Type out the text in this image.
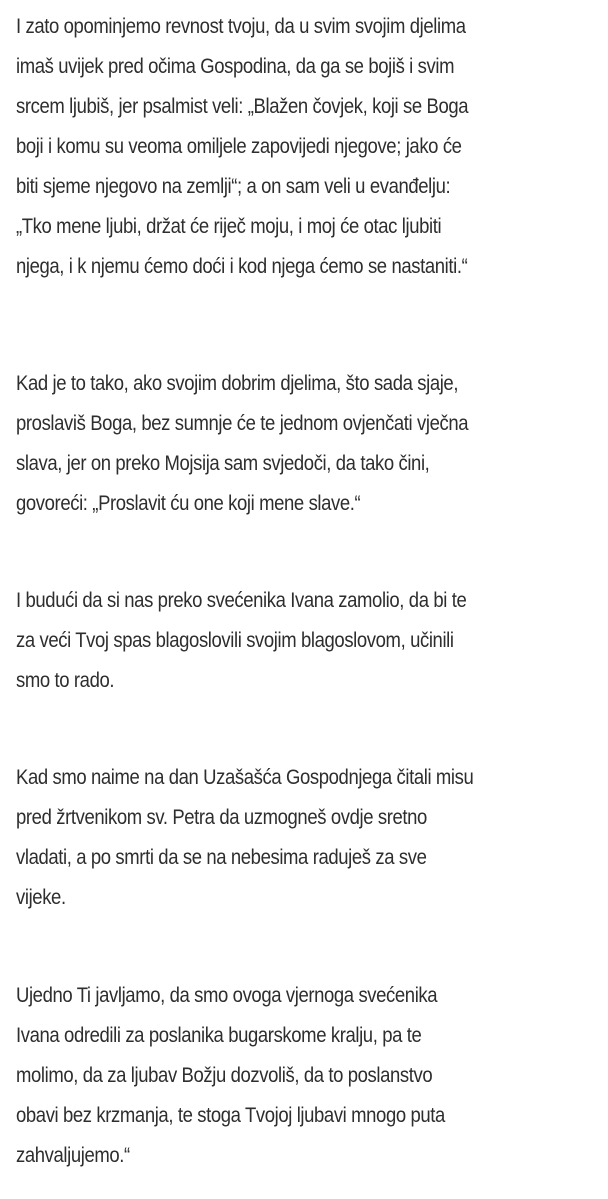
I zato opominjemo revnost tvoju, da u svim svojim djelima
imaš uvijek pred očima Gospodina, da ga se bojiš i svim
srcem ljubiš, jer psalmist veli: „Blažen čovjek, koji se Boga
boji i komu su veoma omiljele zapovijedi njegove; jako će
biti sjeme njegovo na zemlji“; a on sam veli u evanđelju:
„Tko mene ljubi, držat će riječ moju, i moj će otac ljubiti
njega, i k njemu ćemo doći i kod njega ćemo se nastaniti.“

Kad je to tako, ako svojim dobrim djelima, što sada sjaje,
proslaviš Boga, bez sumnje će te jednom ovjenčati vječna
slava, jer on preko Mojsija sam svjedoči, da tako čini,
govoreći: „Proslavit ću one koji mene slave.“

I budući da si nas preko svećenika Ivana zamolio, da bi te
za veći Tvoj spas blagoslovili svojim blagoslovom, učinili
smo to rado.

Kad smo naime na dan Uzašašća Gospodnjega čitali misu
pred žrtvenikom sv. Petra da uzmogneš ovdje sretno
vladati, a po smrti da se na nebesima raduješ za sve
vijeke.

Ujedno Ti javljamo, da smo ovoga vjernoga svećenika
Ivana odredili za poslanika bugarskome kralju, pa te
molimo, da za ljubav Božju dozvoliš, da to poslanstvo
obavi bez krzmanja, te stoga Tvojoj ljubavi mnogo puta
zahvaljujemo.“
